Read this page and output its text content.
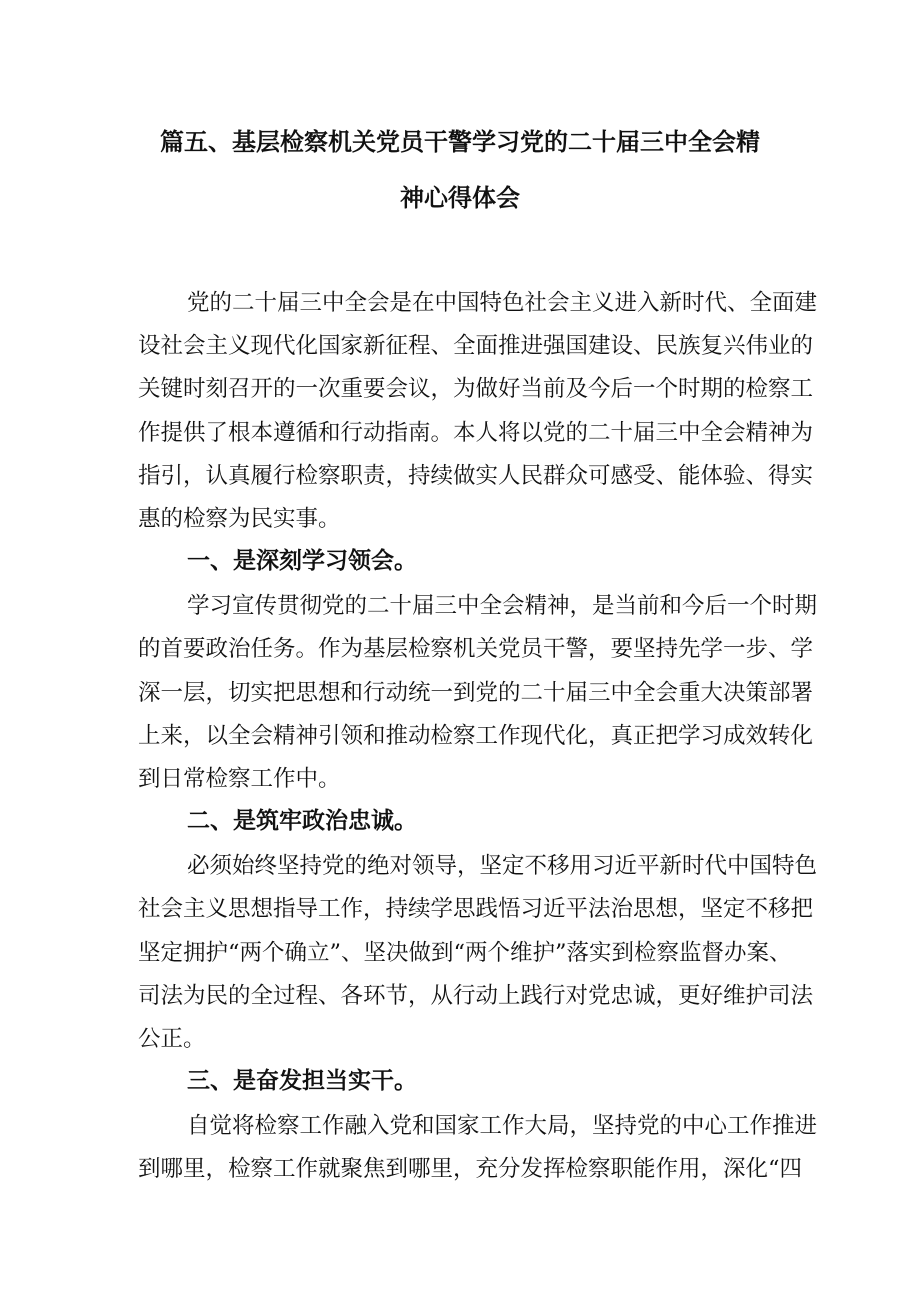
篇五、基层检察机关党员干警学习党的二十届三中全会精
神心得体会

党的二十届三中全会是在中国特色社会主义进入新时代、全面建

设社会主义现代化国家新征程、全面推进强国建设、民族复兴伟业的

关键时刻召开的一次重要会议，为做好当前及今后一个时期的检察工

作提供了根本遵循和行动指南。本人将以党的二十届三中全会精神为

指引，认真履行检察职责，持续做实人民群众可感受、能体验、得实

惠的检察为民实事。

一、是深刻学习领会。

学习宣传贯彻党的二十届三中全会精神，是当前和今后一个时期

的首要政治任务。作为基层检察机关党员干警，要坚持先学一步、学

深一层，切实把思想和行动统一到党的二十届三中全会重大决策部署

上来，以全会精神引领和推动检察工作现代化，真正把学习成效转化

到日常检察工作中。

二、是筑牢政治忠诚。

必须始终坚持党的绝对领导，坚定不移用习近平新时代中国特色

社会主义思想指导工作，持续学思践悟习近平法治思想，坚定不移把

坚定拥护“两个确立”、坚决做到“两个维护”落实到检察监督办案、

司法为民的全过程、各环节，从行动上践行对党忠诚，更好维护司法

公正。

三、是奋发担当实干。

自觉将检察工作融入党和国家工作大局，坚持党的中心工作推进

到哪里，检察工作就聚焦到哪里，充分发挥检察职能作用，深化“四
